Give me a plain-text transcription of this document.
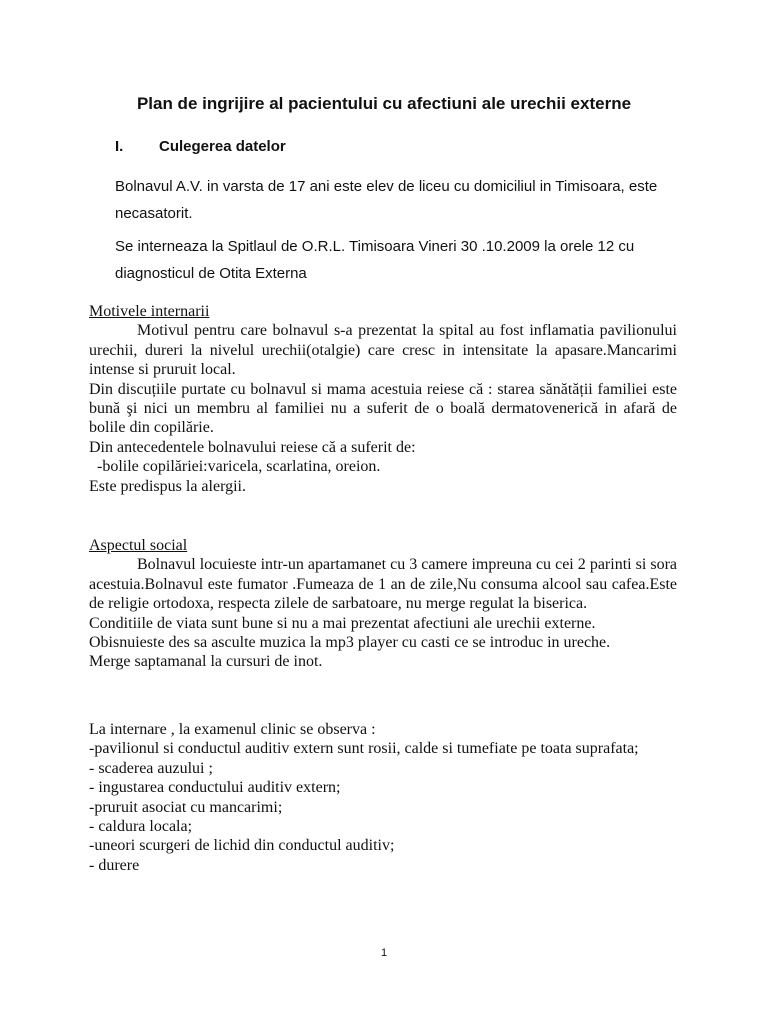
Plan de ingrijire al pacientului cu afectiuni ale urechii externe
I. Culegerea datelor
Bolnavul A.V. in varsta de 17 ani este elev de liceu cu domiciliul in Timisoara, este necasatorit.
Se interneaza la Spitlaul de O.R.L. Timisoara Vineri 30 .10.2009 la orele 12 cu diagnosticul de Otita Externa

Motivele internarii

Motivul pentru care bolnavul s-a prezentat la spital au fost inflamatia pavilionului urechii, dureri la nivelul urechii(otalgie) care cresc in intensitate la apasare.Mancarimi intense si pruruit local.

Din discuțiile purtate cu bolnavul si mama acestuia reiese că : starea sănătății familiei este bună şi nici un membru al familiei nu a suferit de o boală dermatovenerică in afară de bolile din copilărie.

Din antecedentele bolnavului reiese că a suferit de:

-bolile copilăriei:varicela, scarlatina, oreion.

Este predispus la alergii.

Aspectul social

Bolnavul locuieste intr-un apartamanet cu 3 camere impreuna cu cei 2 parinti si sora acestuia.Bolnavul este fumator .Fumeaza de 1 an de zile,Nu consuma alcool sau cafea.Este de religie ortodoxa, respecta zilele de sarbatoare, nu merge regulat la biserica.

Conditiile de viata sunt bune si nu a mai prezentat afectiuni ale urechii externe.

Obisnuieste des sa asculte muzica la mp3 player cu casti ce se introduc in ureche.

Merge saptamanal la cursuri de inot.

La internare , la examenul clinic se observa :

-pavilionul si conductul auditiv extern sunt rosii, calde si tumefiate pe toata suprafata;

- scaderea auzului ;

- ingustarea conductului auditiv extern;

-pruruit asociat cu mancarimi;

- caldura locala;

-uneori scurgeri de lichid din conductul auditiv;

- durere

1
